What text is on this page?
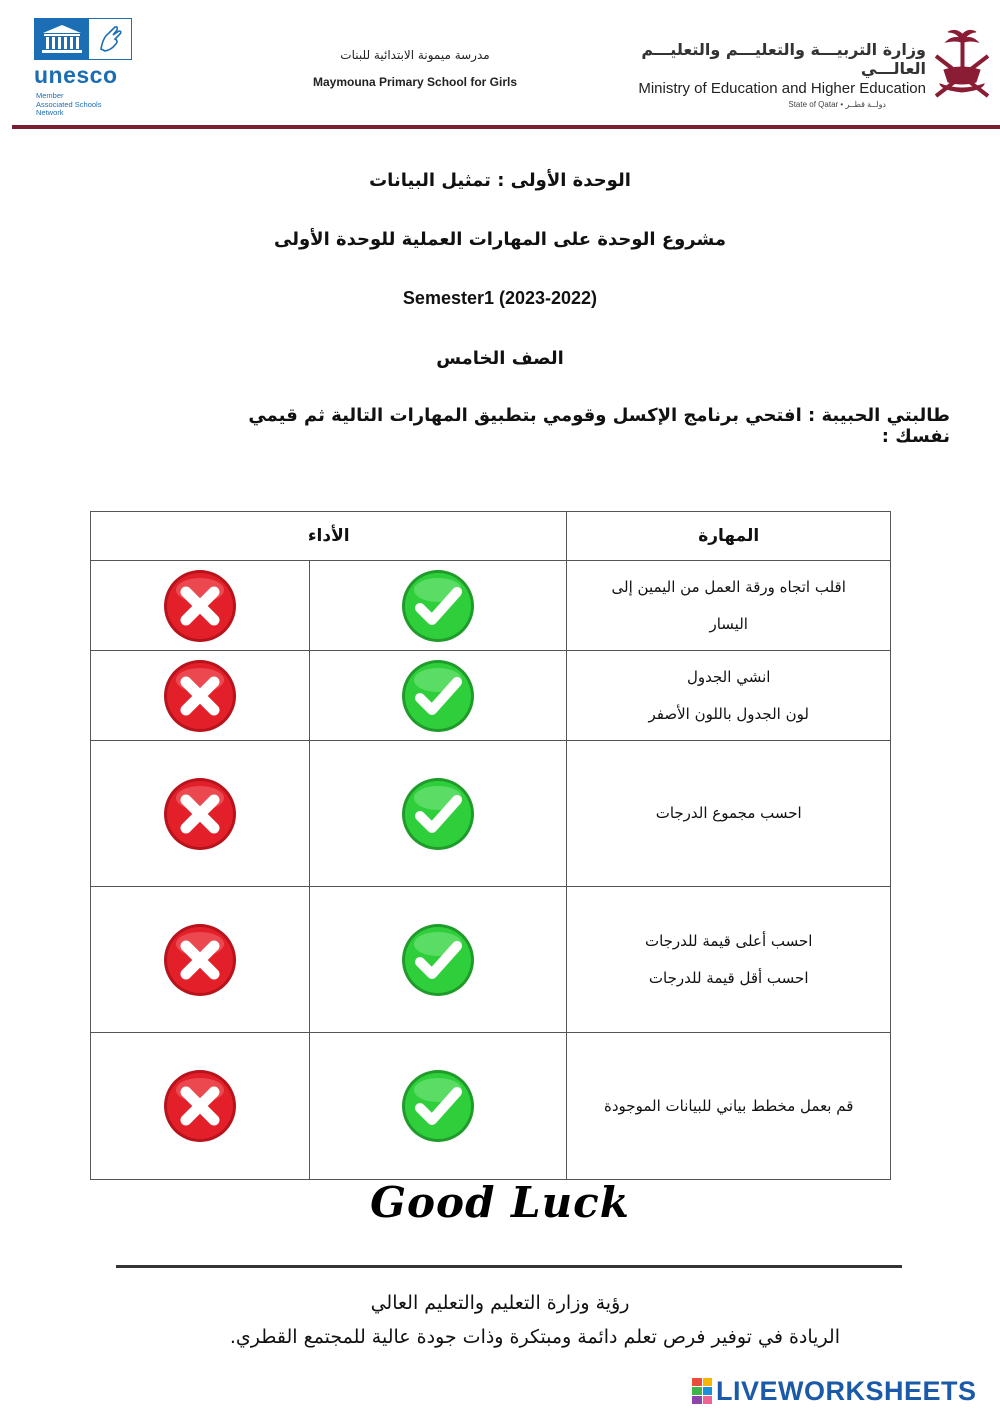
unesco
Member
Associated Schools
Network
مدرسة ميمونة الابتدائية للبنات
Maymouna Primary School for Girls
وزارة التربيـــة والتعليـــم والتعليـــم العالـــي
Ministry of Education and Higher Education
State of Qatar • دولــة قطــر
الوحدة الأولى : تمثيل البيانات
مشروع الوحدة على المهارات العملية للوحدة الأولى
Semester1 (2023-2022)
الصف الخامس
طالبتي الحبيبة : افتحي برنامج الإكسل وقومي بتطبيق المهارات التالية ثم قيمي نفسك :
الأداء		المهارة

اقلب اتجاه ورقة العمل من اليمين إلى
اليسار

انشي الجدول
لون الجدول باللون الأصفر

احسب مجموع الدرجات

احسب أعلى قيمة للدرجات
احسب أقل قيمة للدرجات

قم بعمل مخطط بياني للبيانات الموجودة
Good Luck
رؤية وزارة التعليم والتعليم العالي
الريادة في توفير فرص تعلم دائمة ومبتكرة وذات جودة عالية للمجتمع القطري.
LIVEWORKSHEETS
